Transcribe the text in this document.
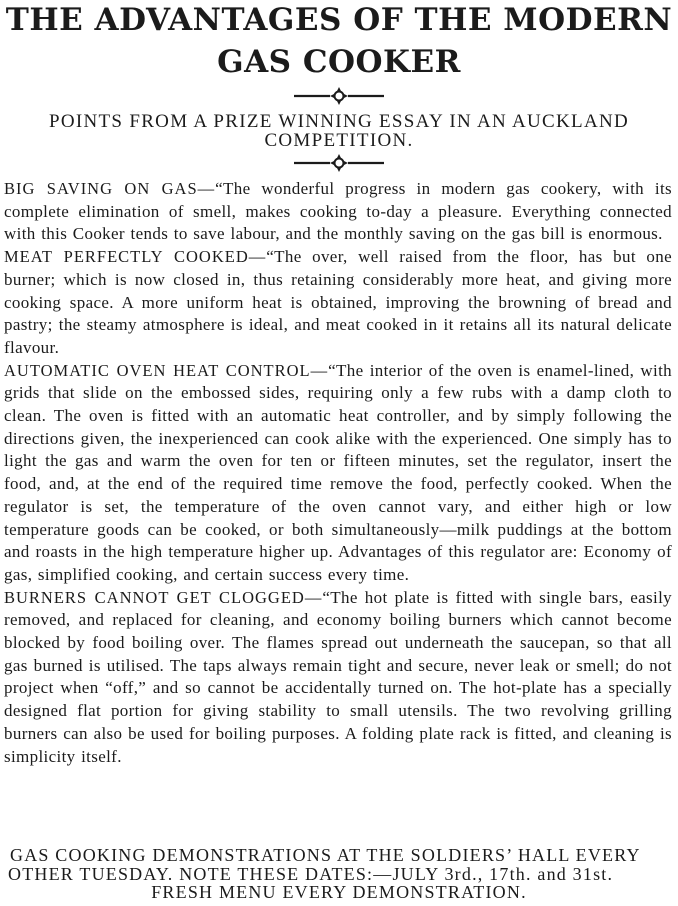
THE ADVANTAGES OF THE MODERN
GAS COOKER
POINTS FROM A PRIZE WINNING ESSAY IN AN AUCKLAND
COMPETITION.

BIG SAVING ON GAS—“The wonderful progress in modern gas cookery, with its complete elimination of smell, makes cooking to-day a pleasure. Everything connected with this Cooker tends to save labour, and the monthly saving on the gas bill is enormous.

MEAT PERFECTLY COOKED—“The over, well raised from the floor, has but one burner; which is now closed in, thus retaining considerably more heat, and giving more cooking space. A more uniform heat is obtained, improving the browning of bread and pastry; the steamy atmosphere is ideal, and meat cooked in it retains all its natural delicate flavour.

AUTOMATIC OVEN HEAT CONTROL—“The interior of the oven is enamel-lined, with grids that slide on the embossed sides, requiring only a few rubs with a damp cloth to clean. The oven is fitted with an automatic heat controller, and by simply following the directions given, the inexperienced can cook alike with the experienced. One simply has to light the gas and warm the oven for ten or fifteen minutes, set the regulator, insert the food, and, at the end of the required time remove the food, perfectly cooked. When the regulator is set, the temperature of the oven cannot vary, and either high or low temperature goods can be cooked, or both simultaneously—milk puddings at the bottom and roasts in the high temperature higher up. Advantages of this regulator are: Economy of gas, simplified cooking, and certain success every time.

BURNERS CANNOT GET CLOGGED—“The hot plate is fitted with single bars, easily removed, and replaced for cleaning, and economy boiling burners which cannot become blocked by food boiling over. The flames spread out underneath the saucepan, so that all gas burned is utilised. The taps always remain tight and secure, never leak or smell; do not project when “off,” and so cannot be accidentally turned on. The hot-plate has a specially designed flat portion for giving stability to small utensils. The two revolving grilling burners can also be used for boiling purposes. A folding plate rack is fitted, and cleaning is simplicity itself.

GAS COOKING DEMONSTRATIONS AT THE SOLDIERS’ HALL EVERY
OTHER TUESDAY. NOTE THESE DATES:—JULY 3rd., 17th. and 31st.
FRESH MENU EVERY DEMONSTRATION.
